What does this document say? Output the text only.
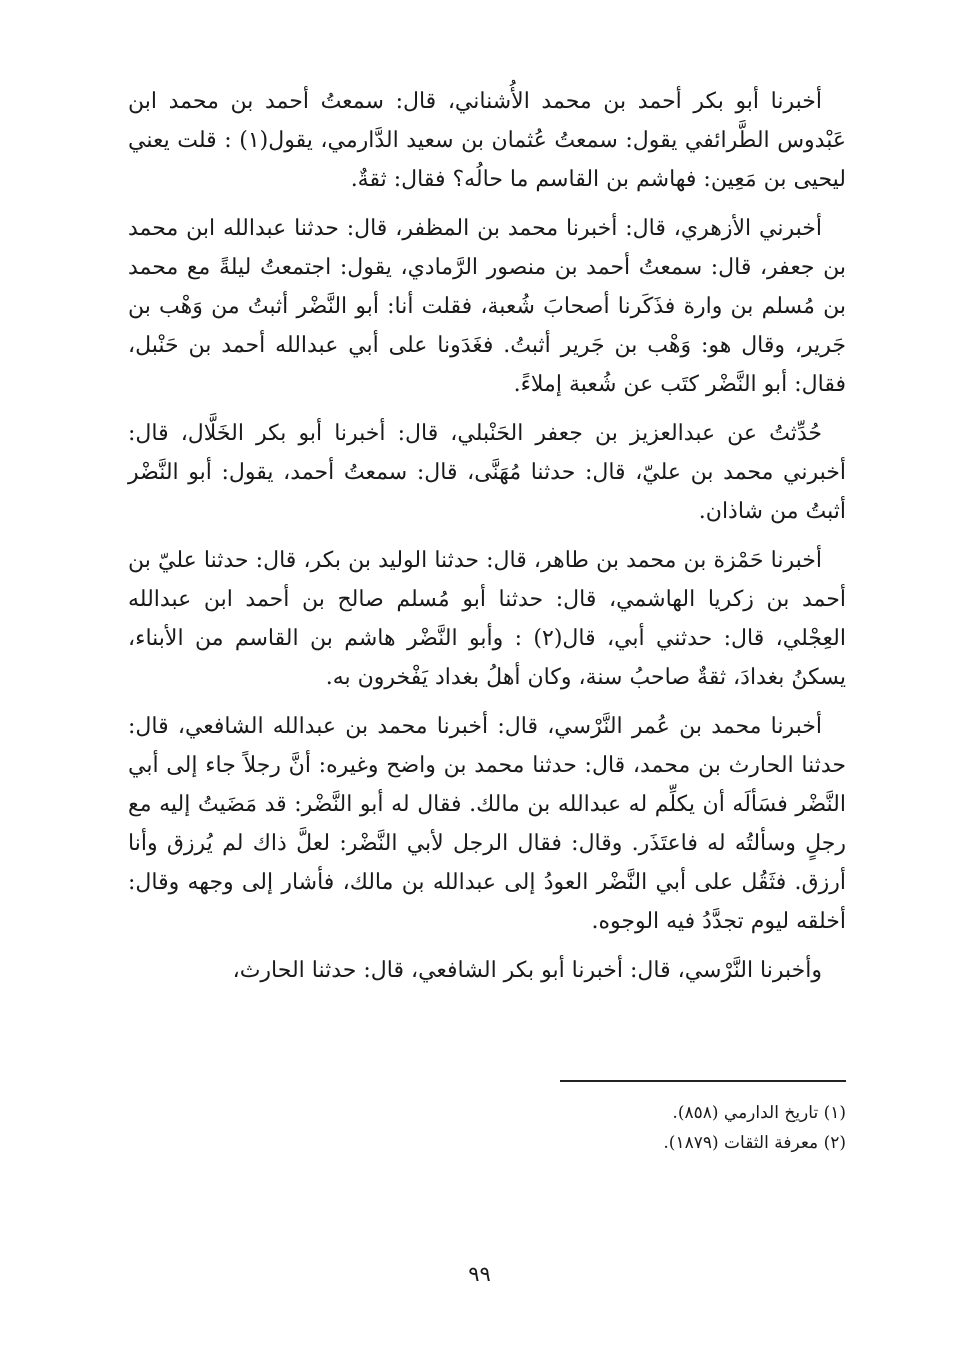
أخبرنا أبو بكر أحمد بن محمد الأُشناني، قال: سمعتُ أحمد بن محمد ابن عَبْدوس الطَّرائفي يقول: سمعتُ عُثمان بن سعيد الدَّارمي، يقول(١) : قلت يعني ليحيى بن مَعِين: فهاشم بن القاسم ما حالُه؟ فقال: ثقةٌ.

أخبرني الأزهري، قال: أخبرنا محمد بن المظفر، قال: حدثنا عبدالله ابن محمد بن جعفر، قال: سمعتُ أحمد بن منصور الرَّمادي، يقول: اجتمعتُ ليلةً مع محمد بن مُسلم بن وارة فذَكَرنا أصحابَ شُعبة، فقلت أنا: أبو النَّضْر أثبتُ من وَهْب بن جَرير، وقال هو: وَهْب بن جَرير أثبتُ. فغَدَونا على أبي عبدالله أحمد بن حَنْبل، فقال: أبو النَّضْر كتَب عن شُعبة إملاءً.

حُدِّثتُ عن عبدالعزيز بن جعفر الحَنْبلي، قال: أخبرنا أبو بكر الخَلَّال، قال: أخبرني محمد بن عليّ، قال: حدثنا مُهَنَّى، قال: سمعتُ أحمد، يقول: أبو النَّضْر أثبتُ من شاذان.

أخبرنا حَمْزة بن محمد بن طاهر، قال: حدثنا الوليد بن بكر، قال: حدثنا عليّ بن أحمد بن زكريا الهاشمي، قال: حدثنا أبو مُسلم صالح بن أحمد ابن عبدالله العِجْلي، قال: حدثني أبي، قال(٢) : وأبو النَّضْر هاشم بن القاسم من الأبناء، يسكنُ بغدادَ، ثقةٌ صاحبُ سنة، وكان أهلُ بغداد يَفْخرون به.

أخبرنا محمد بن عُمر النَّرْسي، قال: أخبرنا محمد بن عبدالله الشافعي، قال: حدثنا الحارث بن محمد، قال: حدثنا محمد بن واضح وغيره: أنَّ رجلاً جاء إلى أبي النَّضْر فسَألَه أن يكلِّم له عبدالله بن مالك. فقال له أبو النَّضْر: قد مَضَيتُ إليه مع رجلٍ وسألتُه له فاعتَذَر. وقال: فقال الرجل لأبي النَّضْر: لعلَّ ذاك لم يُرزق وأنا أرزق. فثَقُل على أبي النَّضْر العودُ إلى عبدالله بن مالك، فأشار إلى وجهه وقال: أخلقه ليوم تجدَّدُ فيه الوجوه.

وأخبرنا النَّرْسي، قال: أخبرنا أبو بكر الشافعي، قال: حدثنا الحارث،

(١) تاريخ الدارمي (٨٥٨).

(٢) معرفة الثقات (١٨٧٩).

٩٩
